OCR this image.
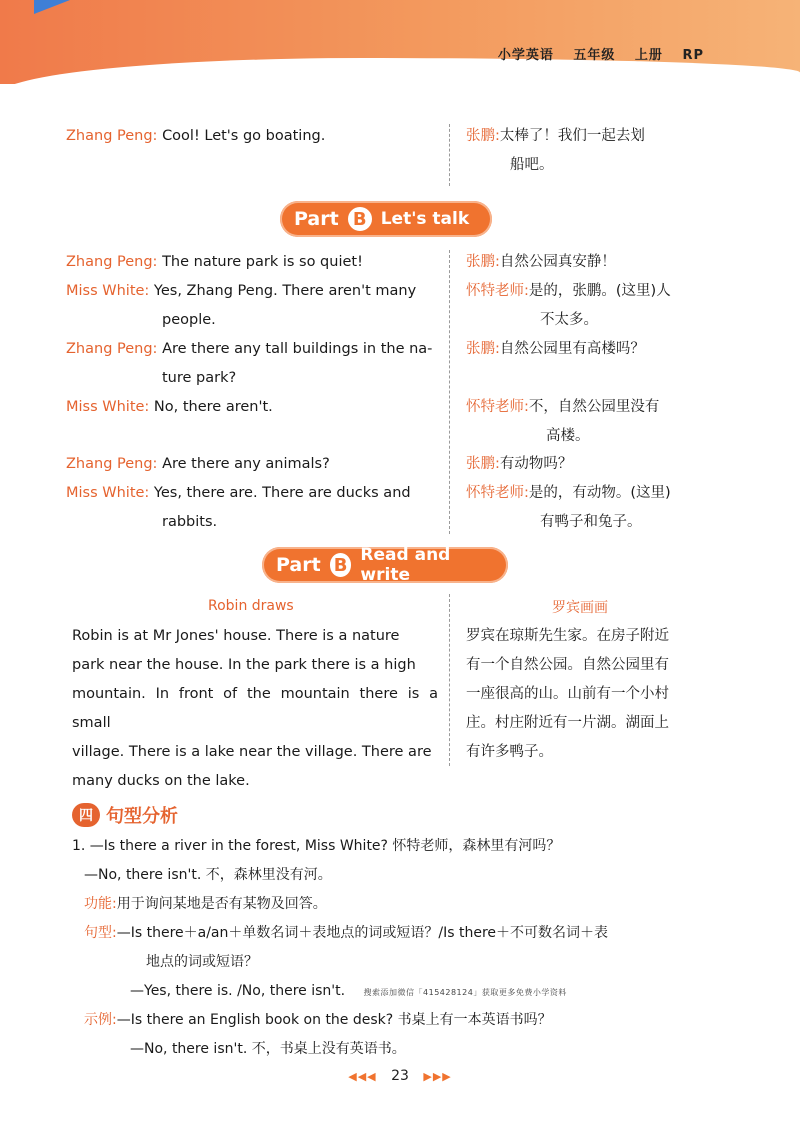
小学英语 五年级 上册 RP
Zhang Peng: Cool! Let's go boating.	张鹏:太棒了！我们一起去划
船吧。
Part B Let's talk
Zhang Peng: The nature park is so quiet!
Miss White: Yes, Zhang Peng. There aren't many
people.
Zhang Peng: Are there any tall buildings in the na-
ture park?
Miss White: No, there aren't.
Zhang Peng: Are there any animals?
Miss White: Yes, there are. There are ducks and
rabbits.
张鹏:自然公园真安静！
怀特老师:是的，张鹏。(这里)人
不太多。
张鹏:自然公园里有高楼吗？
怀特老师:不，自然公园里没有
高楼。
张鹏:有动物吗？
怀特老师:是的，有动物。(这里)
有鸭子和兔子。
Part B Read and write
Robin draws	罗宾画画
Robin is at Mr Jones' house. There is a nature
park near the house. In the park there is a high
mountain. In front of the mountain there is a small
village. There is a lake near the village. There are
many ducks on the lake.
罗宾在琼斯先生家。在房子附近
有一个自然公园。自然公园里有
一座很高的山。山前有一个小村
庄。村庄附近有一片湖。湖面上
有许多鸭子。
四 句型分析
1. —Is there a river in the forest, Miss White? 怀特老师，森林里有河吗？
—No, there isn't. 不，森林里没有河。
功能:用于询问某地是否有某物及回答。
句型:—Is there＋a/an＋单数名词＋表地点的词或短语？/Is there＋不可数名词＋表
地点的词或短语？
—Yes, there is. /No, there isn't. 搜索添加微信「415428124」获取更多免费小学资料
示例:—Is there an English book on the desk? 书桌上有一本英语书吗？
—No, there isn't. 不，书桌上没有英语书。
◀◀◀ 23 ▶▶▶
